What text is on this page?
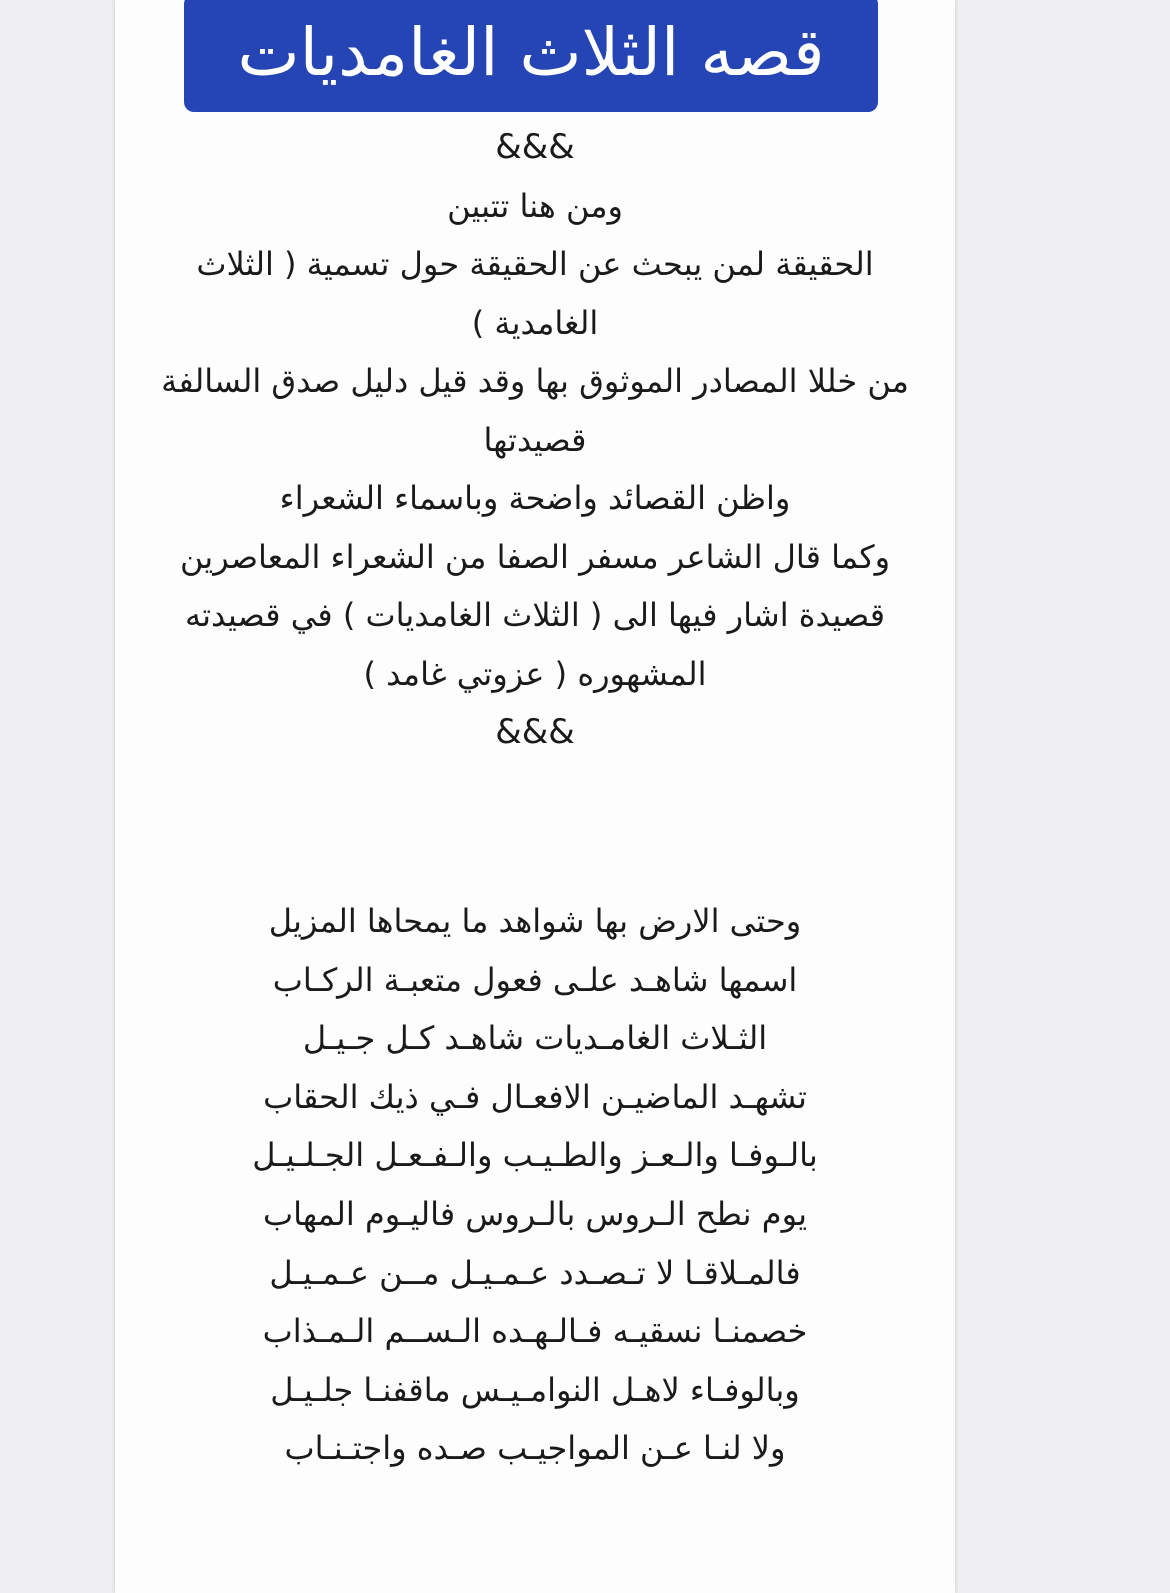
قصه الثلاث الغامديات
&&&
ومن هنا تتبين
الحقيقة لمن يبحث عن الحقيقة حول تسمية ( الثلاث
الغامدية )
من خللا المصادر الموثوق بها وقد قيل دليل صدق السالفة
قصيدتها
واظن القصائد واضحة وباسماء الشعراء
وكما قال الشاعر مسفر الصفا من الشعراء المعاصرين
قصيدة اشار فيها الى ( الثلاث الغامديات ) في قصيدته
المشهوره ( عزوتي غامد )
&&&
وحتى الارض بها شواهد ما يمحاها المزيل
اسمها شاهـد علـى فعول متعبـة الركـاب
الثـلاث الغامـديات شاهـد كـل جـيـل
تشهـد الماضيـن الافعـال فـي ذيك الحقاب
بالـوفـا والـعـز والطـيـب والـفـعـل الجـلـيـل
يوم نطح الـروس بالـروس فاليـوم المهاب
فالمـلاقـا لا تـصـدد عـمـيـل مــن عـمـيـل
خصمنـا نسقيـه فـالـهـده الـســم الـمـذاب
وبالوفـاء لاهـل النوامـيـس ماقفنـا جلـيـل
ولا لنـا عـن المواجيـب صـده واجتـنـاب
